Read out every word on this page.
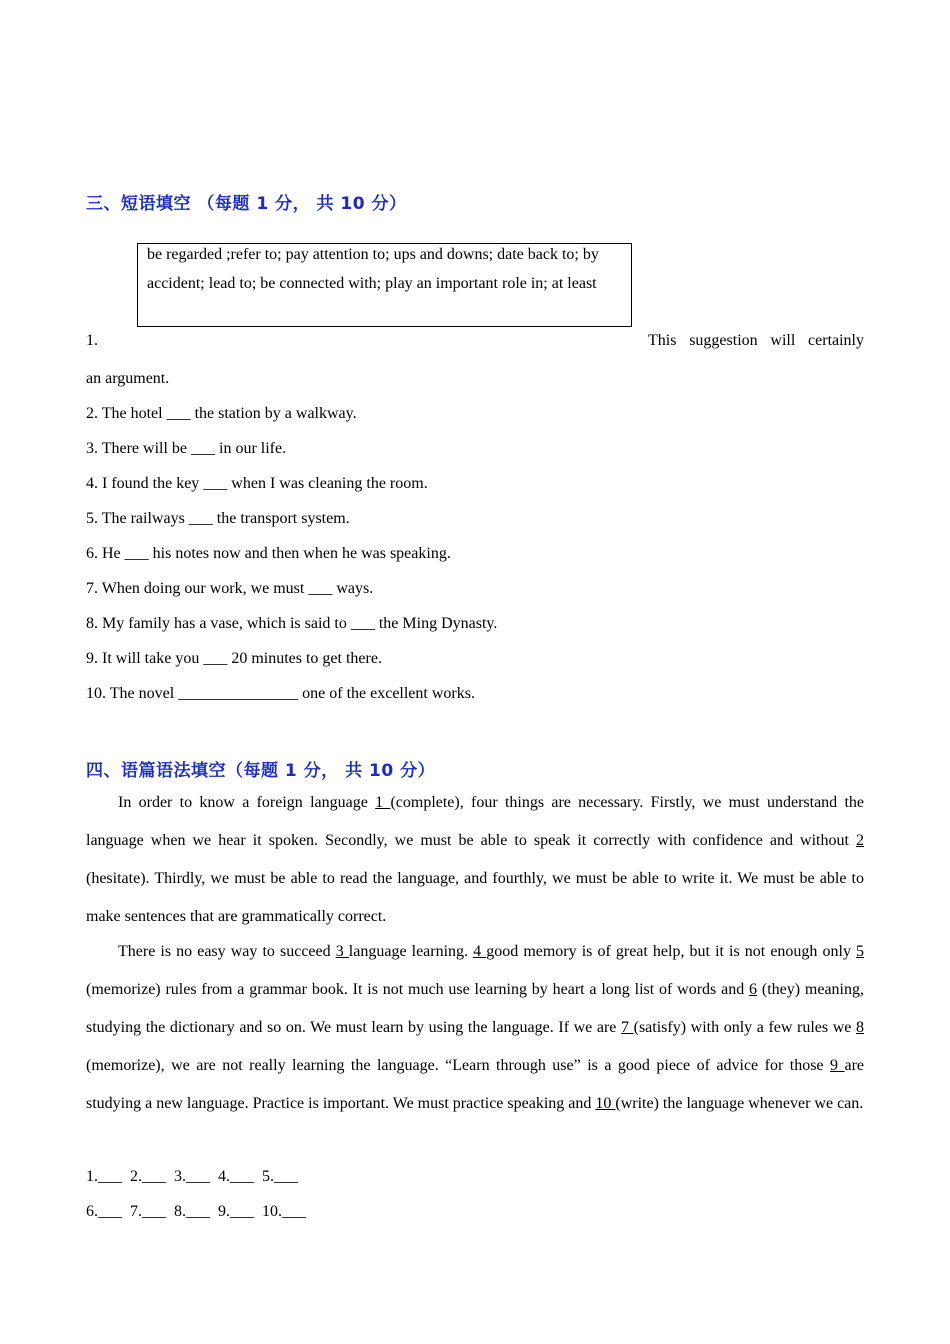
三、短语填空 （每题 1 分， 共 10 分）
be regarded ;refer to; pay attention to; ups and downs; date back to; by
accident; lead to; be connected with; play an important role in; at least
1.	This suggestion will certainly
an argument.
2. The hotel ___ the station by a walkway.
3. There will be ___ in our life.
4. I found the key ___ when I was cleaning the room.
5. The railways ___ the transport system.
6. He ___ his notes now and then when he was speaking.
7. When doing our work, we must ___ ways.
8. My family has a vase, which is said to ___ the Ming Dynasty.
9. It will take you ___ 20 minutes to get there.
10. The novel _______________ one of the excellent works.
四、语篇语法填空（每题 1 分， 共 10 分）
In order to know a foreign language 1 (complete), four things are necessary. Firstly, we must understand the language when we hear it spoken. Secondly, we must be able to speak it correctly with confidence and without 2 (hesitate). Thirdly, we must be able to read the language, and fourthly, we must be able to write it. We must be able to make sentences that are grammatically correct.
There is no easy way to succeed 3 language learning. 4 good memory is of great help, but it is not enough only 5 (memorize) rules from a grammar book. It is not much use learning by heart a long list of words and 6 (they) meaning, studying the dictionary and so on. We must learn by using the language. If we are 7 (satisfy) with only a few rules we 8 (memorize), we are not really learning the language. “Learn through use” is a good piece of advice for those 9 are studying a new language. Practice is important. We must practice speaking and 10 (write) the language whenever we can.
1.___ 2.___ 3.___ 4.___ 5.___
6.___ 7.___ 8.___ 9.___ 10.___
